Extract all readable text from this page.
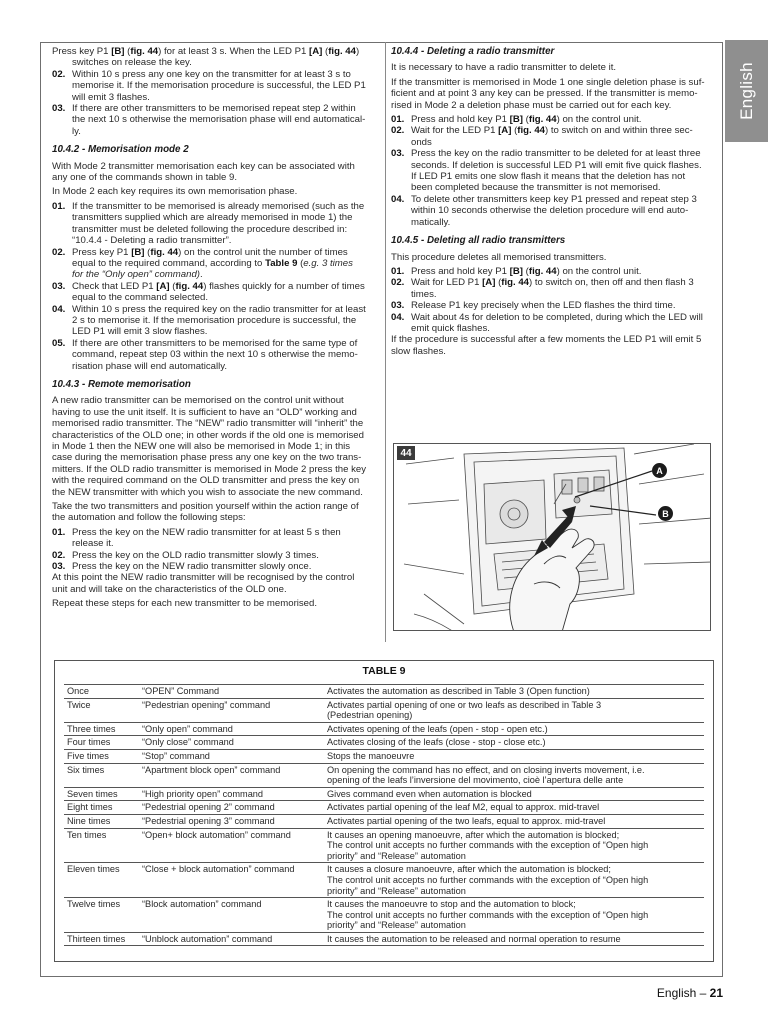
English
Press key P1 [B] (fig. 44) for at least 3 s. When the LED P1 [A] (fig. 44)
switches on release the key.
02. Within 10 s press any one key on the transmitter for at least 3 s to
memorise it. If the memorisation procedure is successful, the LED P1
will emit 3 flashes.
03. If there are other transmitters to be memorised repeat step 2 within
the next 10 s otherwise the memorisation phase will end automatical-
ly.
10.4.2 - Memorisation mode 2

With Mode 2 transmitter memorisation each key can be associated with
any one of the commands shown in table 9.

In Mode 2 each key requires its own memorisation phase.

01. If the transmitter to be memorised is already memorised (such as the
transmitters supplied which are already memorised in mode 1) the
transmitter must be deleted following the procedure described in:
“10.4.4 - Deleting a radio transmitter”.
02. Press key P1 [B] (fig. 44) on the control unit the number of times
equal to the required command, according to Table 9 (e.g. 3 times
for the “Only open” command).
03. Check that LED P1 [A] (fig. 44) flashes quickly for a number of times
equal to the command selected.
04. Within 10 s press the required key on the radio transmitter for at least
2 s to memorise it. If the memorisation procedure is successful, the
LED P1 will emit 3 slow flashes.
05. If there are other transmitters to be memorised for the same type of
command, repeat step 03 within the next 10 s otherwise the memo-
risation phase will end automatically.
10.4.3 - Remote memorisation

A new radio transmitter can be memorised on the control unit without
having to use the unit itself. It is sufficient to have an “OLD” working and
memorised radio transmitter. The “NEW” radio transmitter will “inherit” the
characteristics of the OLD one; in other words if the old one is memorised
in Mode 1 then the NEW one will also be memorised in Mode 1; in this
case during the memorisation phase press any one key on the two trans-
mitters. If the OLD radio transmitter is memorised in Mode 2 press the key
with the required command on the OLD transmitter and press the key on
the NEW transmitter with which you wish to associate the new command.

Take the two transmitters and position yourself within the action range of
the automation and follow the following steps:

01. Press the key on the NEW radio transmitter for at least 5 s then
release it.
02. Press the key on the OLD radio transmitter slowly 3 times.
03. Press the key on the NEW radio transmitter slowly once.

At this point the NEW radio transmitter will be recognised by the control
unit and will take on the characteristics of the OLD one.

Repeat these steps for each new transmitter to be memorised.

10.4.4 - Deleting a radio transmitter

It is necessary to have a radio transmitter to delete it.

If the transmitter is memorised in Mode 1 one single deletion phase is suf-
ficient and at point 3 any key can be pressed. If the transmitter is memo-
rised in Mode 2 a deletion phase must be carried out for each key.

01. Press and hold key P1 [B] (fig. 44) on the control unit.
02. Wait for the LED P1 [A] (fig. 44) to switch on and within three sec-
onds
03. Press the key on the radio transmitter to be deleted for at least three
seconds. If deletion is successful LED P1 will emit five quick flashes.
If LED P1 emits one slow flash it means that the deletion has not
been completed because the transmitter is not memorised.
04. To delete other transmitters keep key P1 pressed and repeat step 3
within 10 seconds otherwise the deletion procedure will end auto-
matically.
10.4.5 - Deleting all radio transmitters

This procedure deletes all memorised transmitters.

01. Press and hold key P1 [B] (fig. 44) on the control unit.
02. Wait for LED P1 [A] (fig. 44) to switch on, then off and then flash 3
times.
03. Release P1 key precisely when the LED flashes the third time.
04. Wait about 4s for deletion to be completed, during which the LED will
emit quick flashes.

If the procedure is successful after a few moments the LED P1 will emit 5
slow flashes.

44
A
B
TABLE 9
Once	“OPEN” Command	Activates the automation as described in Table 3 (Open function)

Twice	“Pedestrian opening” command	Activates partial opening of one or two leafs as described in Table 3
(Pedestrian opening)

Three times	“Only open” command	Activates opening of the leafs (open - stop - open etc.)

Four times	“Only close” command	Activates closing of the leafs (close - stop - close etc.)

Five times	“Stop” command	Stops the manoeuvre

Six times	“Apartment block open” command	On opening the command has no effect, and on closing inverts movement, i.e.
opening of the leafs l’inversione del movimento, cioè l’apertura delle ante

Seven times	“High priority open” command	Gives command even when automation is blocked

Eight times	“Pedestrial opening 2” command	Activates partial opening of the leaf M2, equal to approx. mid-travel

Nine times	“Pedestrial opening 3” command	Activates partial opening of the two leafs, equal to approx. mid-travel

Ten times	“Open+ block automation” command	It causes an opening manoeuvre, after which the automation is blocked;
The control unit accepts no further commands with the exception of “Open high
priority” and “Release” automation

Eleven times	“Close + block automation” command	It causes a closure manoeuvre, after which the automation is blocked;
The control unit accepts no further commands with the exception of “Open high
priority” and “Release” automation

Twelve times	“Block automation” command	It causes the manoeuvre to stop and the automation to block;
The control unit accepts no further commands with the exception of “Open high
priority” and “Release” automation

Thirteen times	“Unblock automation” command	It causes the automation to be released and normal operation to resume
English – 21
